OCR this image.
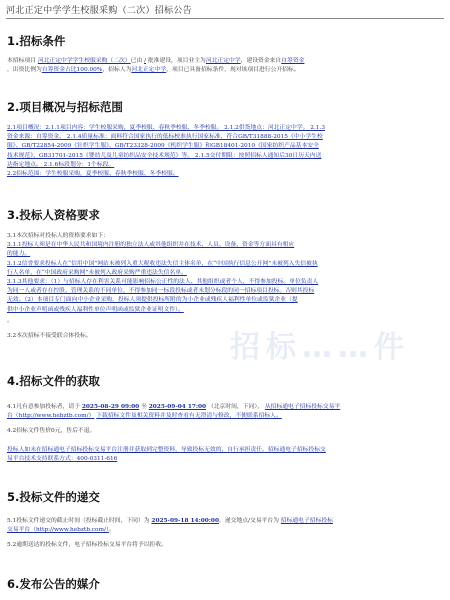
河北正定中学学生校服采购（二次）招标公告
1.招标条件
本招标项目 河北正定中学学生校服采购（二次）已由 / 批准建设，项目业主为河北正定中学，建设资金来自自筹资金
，出资比例为自筹资金占比100.00%，招标人为河北正定中学，项目已具备招标条件，现对该项目进行公开招标。
2.项目概况与招标范围
2.1项目概况：2.1.1项目内容：学生校服采购，夏季校服、春秋季校服、冬季校服。 2.1.2供货地点：河北正定中学。 2.1.3
资金来源：自筹资金。 2.1.4质量标准：面料符合国家执行的低标校准执行国家标准，符合GB/T31888-2015《中小学生校
服》、GB/T22854-2009《针织学生服》、GB/T23328-2009《机织学生服》和GB18401-2010《国家纺织产品基本安全
技术规范》、GB31701-2015《婴幼儿及儿童纺织品安全技术规范》等。 2.1.5交付期限：按照招标人通知后30日历天内送
达指定地点。 2.1.6标段划分：1个标段。
2.2招标范围：学生校服采购，夏季校服、春秋季校服、冬季校服。
3.投标人资格要求
3.1本次招标对投标人的资格要求如下：
3.1.1投标人须是在中华人民共和国境内注册的独立法人或其他组织并在技术、人员、设备、资金等方面具有相应
的能力。
3.1.2信誉要求投标人在“信用中国”网站未被列入重大税收违法失信主体名单，在“中国执行信息公开网”未被列入失信被执
行人名单，在“中国政府采购网”未被列入政府采购严重违法失信名单。
3.1.3其他要求：（1）与招标人存在利害关系可能影响招标公正性的法人、其他组织或者个人，不得参加投标。单位负责人
为同一人或者存在控股、管理关系的不同单位，不得参加同一标段投标或者未划分标段的同一招标项目投标。否则其投标
无效。（2）本项目专门面向中小企业采购，投标人须提供投标所附的为小企业或残疾人福利性单位或监狱企业（提
供中小企业声明函或残疾人福利性单位声明函或监狱企业证明文件）。
。
3.2本次招标不接受联合体投标。
4.招标文件的获取
4.1凡有意参加投标者，请于 2025-08-29 09:00 至 2025-09-04 17:00 （北京时间，下同）， 从招标通电子招标投标交易平
台（http://www.hebztb.com/） 下载招标文件及相关资料并及时查看有无澄清与修改，不便联系招标人。
4.2招标文件售价0元，售后不退。
投标人如未在招标通电子招标投标交易平台注册并获取到完整资料，导致投标无效的，自行承担责任。招标通电子招标投标交
易平台技术支持联系方式：400-0311-616
5.投标文件的递交
5.1投标文件递交的截止时间（投标截止时间，下同）为 2025-09-18 14:00:00，递交地点/交易平台为 招标通电子招标投标
交易平台（http://www.hebztb.com/）。
5.2逾期送达的投标文件，电子招标投标交易平台将予以拒收。
6.发布公告的媒介
招标……件
